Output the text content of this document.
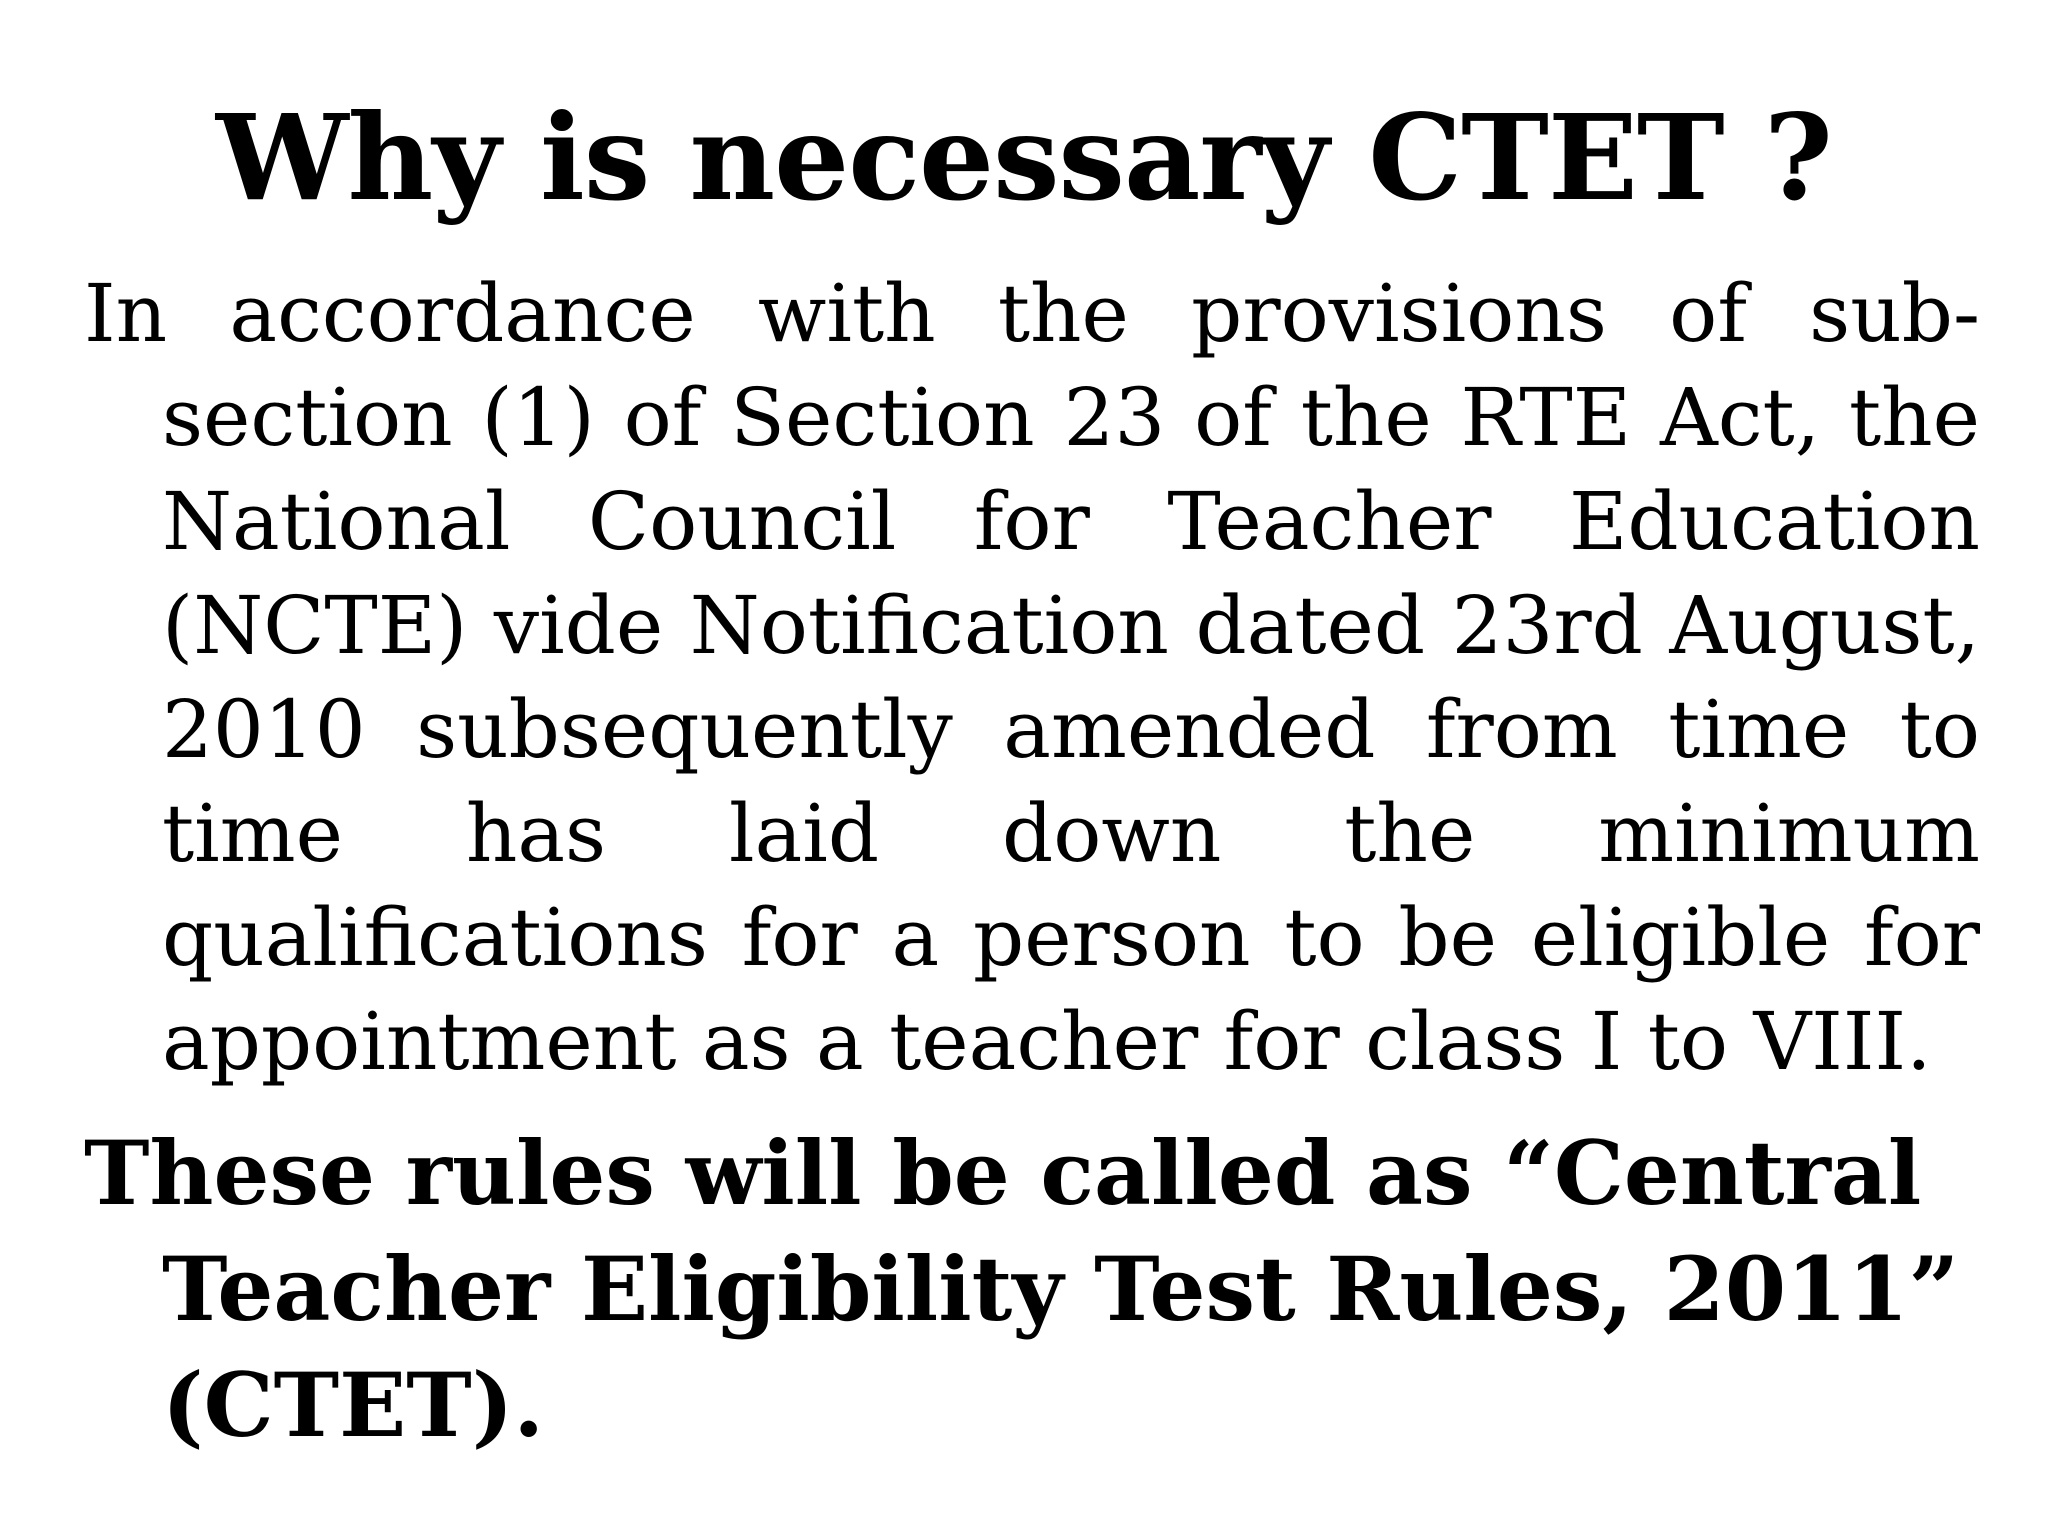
Why is necessary CTET ?

In accordance with the provisions of sub-section (1) of Section 23 of the RTE Act, the National Council for Teacher Education (NCTE) vide Notification dated 23rd August, 2010 subsequently amended from time to time has laid down the minimum qualifications for a person to be eligible for appointment as a teacher for class I to VIII.

These rules will be called as “Central Teacher Eligibility Test Rules, 2011” (CTET).
